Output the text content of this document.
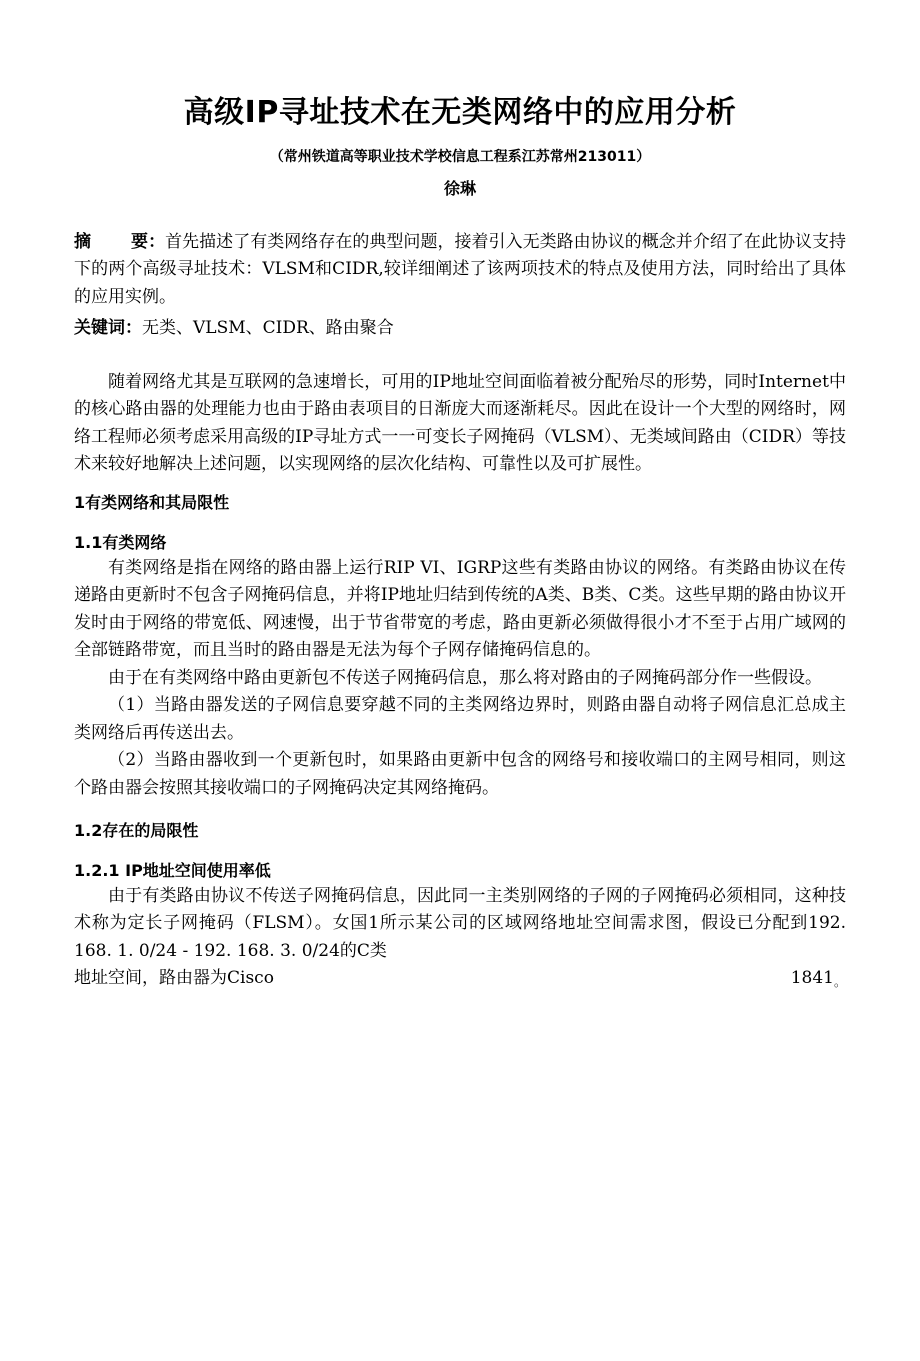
高级IP寻址技术在无类网络中的应用分析
（常州铁道高等职业技术学校信息工程系江苏常州213011）
徐琳
摘 要：首先描述了有类网络存在的典型问题，接着引入无类路由协议的概念并介绍了在此协议支持下的两个高级寻址技术：VLSM和CIDR,较详细阐述了该两项技术的特点及使用方法，同时给出了具体的应用实例。
关键词：无类、VLSM、CIDR、路由聚合

随着网络尤其是互联网的急速增长，可用的IP地址空间面临着被分配殆尽的形势，同时Internet中的核心路由器的处理能力也由于路由表项目的日渐庞大而逐渐耗尽。因此在设计一个大型的网络时，网络工程师必须考虑采用高级的IP寻址方式一一可变长子网掩码（VLSM）、无类域间路由（CIDR）等技术来较好地解决上述问题，以实现网络的层次化结构、可靠性以及可扩展性。

1有类网络和其局限性
1.1有类网络

有类网络是指在网络的路由器上运行RIP VI、IGRP这些有类路由协议的网络。有类路由协议在传递路由更新时不包含子网掩码信息，并将IP地址归结到传统的A类、B类、C类。这些早期的路由协议开发时由于网络的带宽低、网速慢，出于节省带宽的考虑，路由更新必须做得很小才不至于占用广域网的全部链路带宽，而且当时的路由器是无法为每个子网存储掩码信息的。

由于在有类网络中路由更新包不传送子网掩码信息，那么将对路由的子网掩码部分作一些假设。

（1）当路由器发送的子网信息要穿越不同的主类网络边界时，则路由器自动将子网信息汇总成主类网络后再传送出去。

（2）当路由器收到一个更新包时，如果路由更新中包含的网络号和接收端口的主网号相同，则这个路由器会按照其接收端口的子网掩码决定其网络掩码。

1.2存在的局限性
1.2.1 IP地址空间使用率低

由于有类路由协议不传送子网掩码信息，因此同一主类别网络的子网的子网掩码必须相同，这种技术称为定长子网掩码（FLSM）。女国1所示某公司的区域网络地址空间需求图，假设已分配到192. 168. 1. 0/24 - 192. 168. 3. 0/24的C类

地址空间，路由器为Cisco	1841。
